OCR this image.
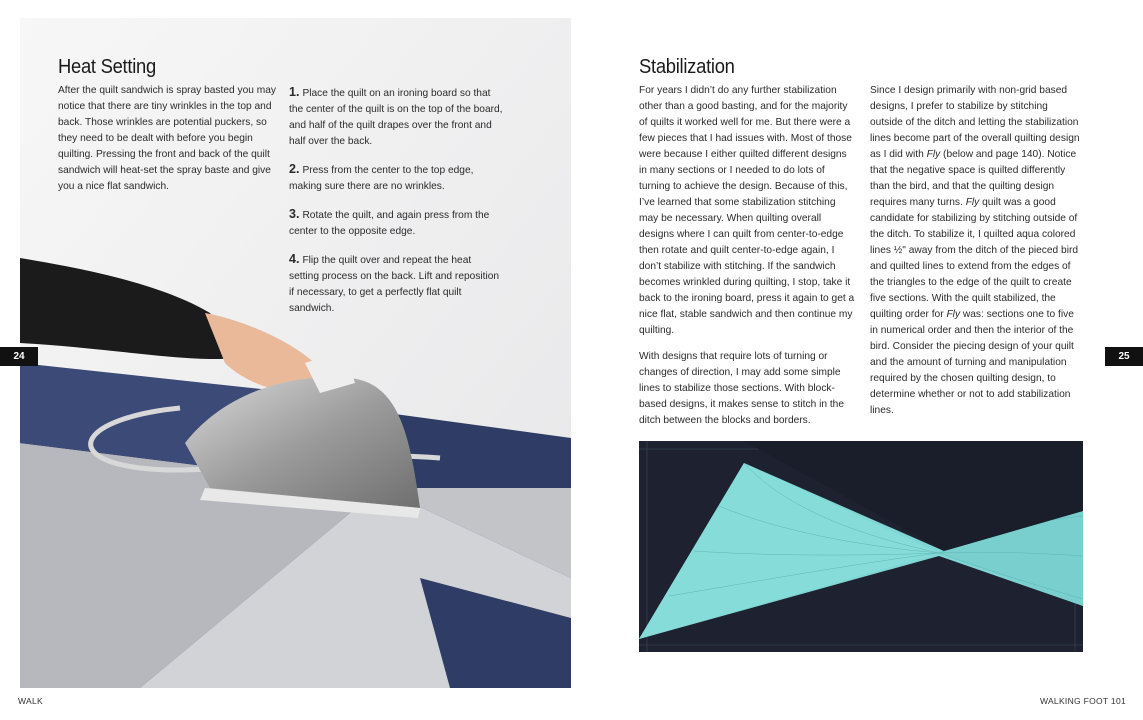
Heat Setting

After the quilt sandwich is spray basted you may notice that there are tiny wrinkles in the top and back. Those wrinkles are potential puckers, so they need to be dealt with before you begin quilting. Pressing the front and back of the quilt sandwich will heat-set the spray baste and give you a nice flat sandwich.

1. Place the quilt on an ironing board so that the center of the quilt is on the top of the board, and half of the quilt drapes over the front and half over the back.

2. Press from the center to the top edge, making sure there are no wrinkles.

3. Rotate the quilt, and again press from the center to the opposite edge.

4. Flip the quilt over and repeat the heat setting process on the back. Lift and reposition if necessary, to get a perfectly flat quilt sandwich.

24
WALK
Stabilization

For years I didn’t do any further stabilization other than a good basting, and for the majority of quilts it worked well for me. But there were a few pieces that I had issues with. Most of those were because I either quilted different designs in many sections or I needed to do lots of turning to achieve the design. Because of this, I’ve learned that some stabilization stitching may be necessary. When quilting overall designs where I can quilt from center-to-edge then rotate and quilt center-to-edge again, I don’t stabilize with stitching. If the sandwich becomes wrinkled during quilting, I stop, take it back to the ironing board, press it again to get a nice flat, stable sandwich and then continue my quilting.

With designs that require lots of turning or changes of direction, I may add some simple lines to stabilize those sections. With block-based designs, it makes sense to stitch in the ditch between the blocks and borders.

Since I design primarily with non-grid based designs, I prefer to stabilize by stitching outside of the ditch and letting the stabilization lines become part of the overall quilting design as I did with Fly (below and page 140). Notice that the negative space is quilted differently than the bird, and that the quilting design requires many turns. Fly quilt was a good candidate for stabilizing by stitching outside of the ditch. To stabilize it, I quilted aqua colored lines ½" away from the ditch of the pieced bird and quilted lines to extend from the edges of the triangles to the edge of the quilt to create five sections. With the quilt stabilized, the quilting order for Fly was: sections one to five in numerical order and then the interior of the bird. Consider the piecing design of your quilt and the amount of turning and manipulation required by the chosen quilting design, to determine whether or not to add stabilization lines.

25
WALKING FOOT 101
